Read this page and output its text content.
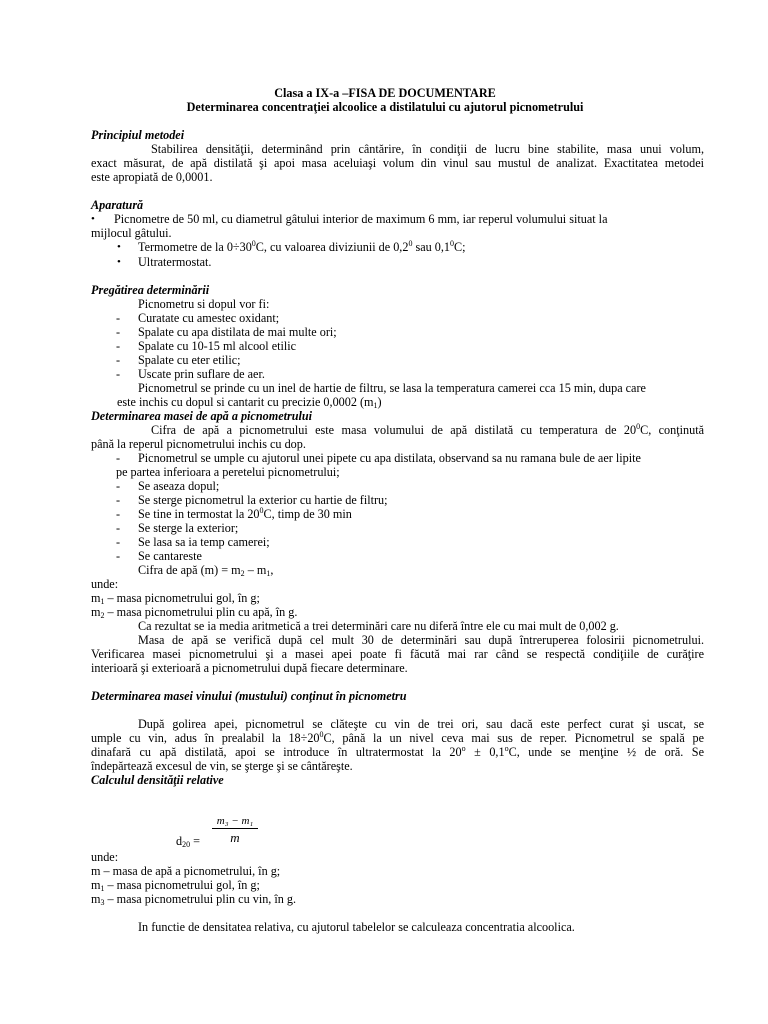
Clasa a IX-a –FISA DE DOCUMENTARE
Determinarea concentraţiei alcoolice a distilatului cu ajutorul picnometrului
Principiul metodei
Stabilirea densităţii, determinând prin cântărire, în condiţii de lucru bine stabilite, masa unui volum,
exact măsurat, de apă distilată şi apoi masa aceluiaşi volum din vinul sau mustul de analizat. Exactitatea metodei
este apropiată de 0,0001.
Aparatură
• Picnometre de 50 ml, cu diametrul gâtului interior de maximum 6 mm, iar reperul volumului situat la
mijlocul gâtului.
• Termometre de la $0\div 30^0C$, cu valoarea diviziunii de $0,2^0$ sau $0,1^0C$;
• Ultratermostat.
Pregătirea determinării
Picnometru si dopul vor fi:
- Curatate cu amestec oxidant;
- Spalate cu apa distilata de mai multe ori;
- Spalate cu 10-15 ml alcool etilic
- Spalate cu eter etilic;
- Uscate prin suflare de aer.
Picnometrul se prinde cu un inel de hartie de filtru, se lasa la temperatura camerei cca 15 min, dupa care
este inchis cu dopul si cantarit cu precizie 0,0002 $(m_1)$
Determinarea masei de apă a picnometrului
Cifra de apă a picnometrului este masa volumului de apă distilată cu temperatura de $20^0C$, conţinută
până la reperul picnometrului inchis cu dop.
- Picnometrul se umple cu ajutorul unei pipete cu apa distilata, observand sa nu ramana bule de aer lipite
pe partea inferioara a peretelui picnometrului;
- Se aseaza dopul;
- Se sterge picnometrul la exterior cu hartie de filtru;
- Se tine in termostat la $20^0C$, timp de 30 min
- Se sterge la exterior;
- Se lasa sa ia temp camerei;
- Se cantareste
Cifra de apă $(m) = m_2 - m_1$,
unde:
$m_1$ – masa picnometrului gol, în g;
$m_2$ – masa picnometrului plin cu apă, în g.
Ca rezultat se ia media aritmetică a trei determinări care nu diferă între ele cu mai mult de 0,002 g.
Masa de apă se verifică după cel mult 30 de determinări sau după întreruperea folosirii picnometrului.
Verificarea masei picnometrului şi a masei apei poate fi făcută mai rar când se respectă condiţiile de curăţire
interioară şi exterioară a picnometrului după fiecare determinare.
Determinarea masei vinului (mustului) conţinut în picnometru
După golirea apei, picnometrul se clăteşte cu vin de trei ori, sau dacă este perfect curat şi uscat, se
umple cu vin, adus în prealabil la $18\div 20^0C$, până la un nivel ceva mai sus de reper. Picnometrul se spală pe
dinafară cu apă distilată, apoi se introduce în ultratermostat la $20^o \pm 0,1^oC$, unde se menţine ½ de oră. Se
îndepărtează excesul de vin, se şterge şi se cântăreşte.
Calculul densităţii relative
$d_{20}$ =
m₃ − m₁
m
unde:
m – masa de apă a picnometrului, în g;
$m_1$ – masa picnometrului gol, în g;
$m_3$ – masa picnometrului plin cu vin, în g.
In functie de densitatea relativa, cu ajutorul tabelelor se calculeaza concentratia alcoolica.
